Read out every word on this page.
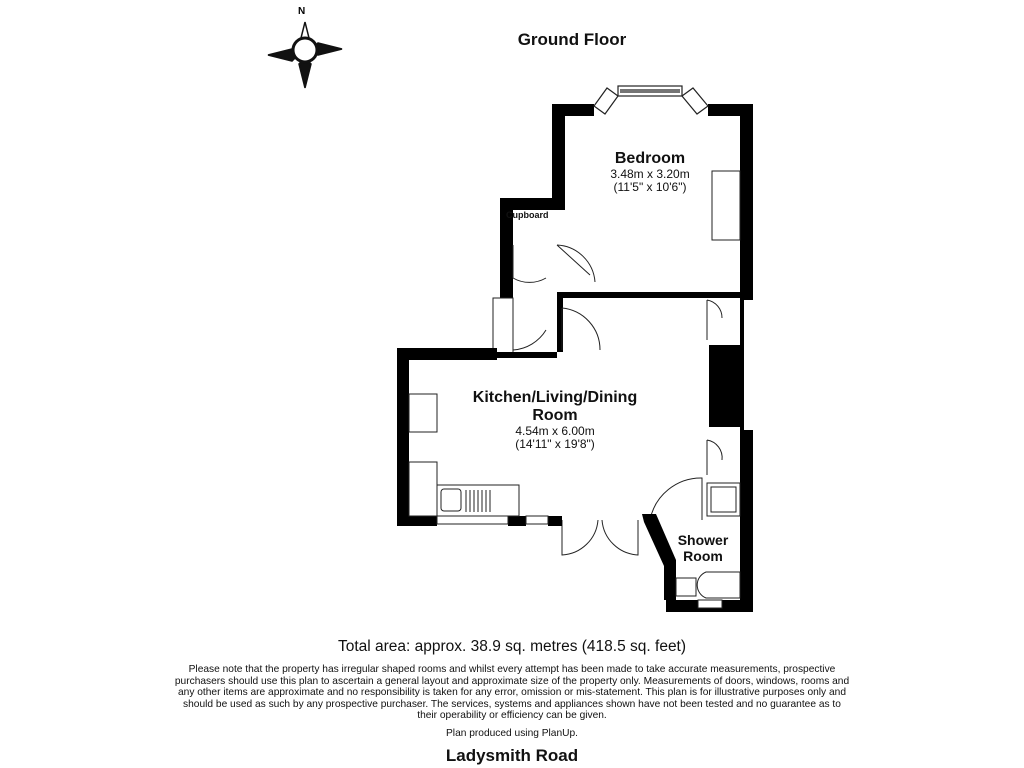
N
Ground Floor
Bedroom
3.48m x 3.20m
(11'5" x 10'6")
Cupboard
Kitchen/Living/Dining
Room
4.54m x 6.00m
(14'11" x 19'8")
Shower
Room
Total area: approx. 38.9 sq. metres (418.5 sq. feet)
Please note that the property has irregular shaped rooms and whilst every attempt has been made to take accurate measurements, prospective purchasers should use this plan to ascertain a general layout and approximate size of the property only. Measurements of doors, windows, rooms and any other items are approximate and no responsibility is taken for any error, omission or mis-statement. This plan is for illustrative purposes only and should be used as such by any prospective purchaser. The services, systems and appliances shown have not been tested and no guarantee as to their operability or efficiency can be given.
Plan produced using PlanUp.
Ladysmith Road
